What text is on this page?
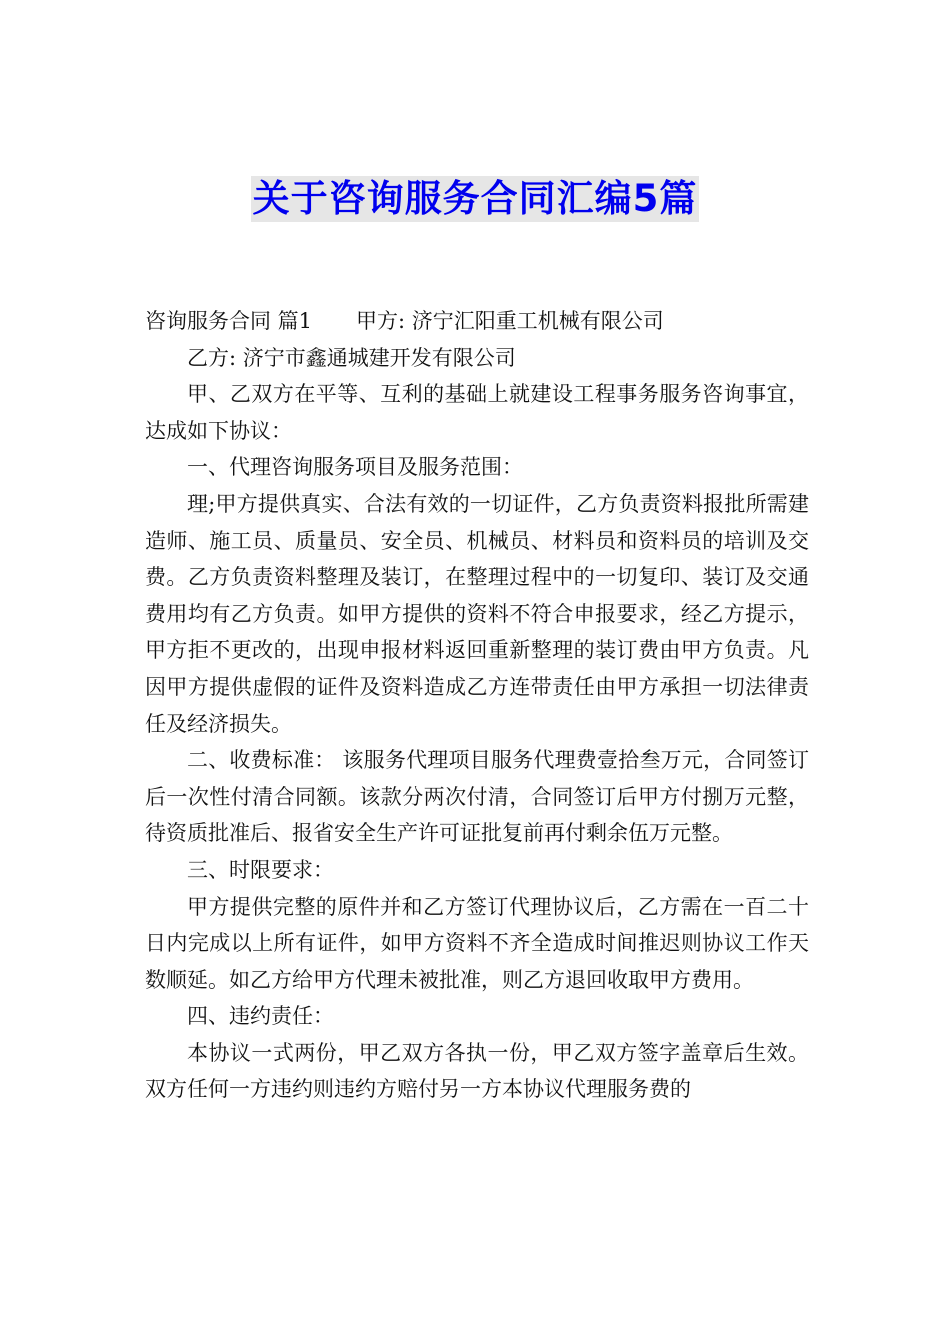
关于咨询服务合同汇编5篇

咨询服务合同 篇1 甲方: 济宁汇阳重工机械有限公司

乙方: 济宁市鑫通城建开发有限公司

甲、乙双方在平等、互利的基础上就建设工程事务服务咨询事宜，达成如下协议：

一、代理咨询服务项目及服务范围：

理;甲方提供真实、合法有效的一切证件，乙方负责资料报批所需建造师、施工员、质量员、安全员、机械员、材料员和资料员的培训及交费。乙方负责资料整理及装订，在整理过程中的一切复印、装订及交通费用均有乙方负责。如甲方提供的资料不符合申报要求，经乙方提示，甲方拒不更改的，出现申报材料返回重新整理的装订费由甲方负责。凡因甲方提供虚假的证件及资料造成乙方连带责任由甲方承担一切法律责任及经济损失。

二、收费标准： 该服务代理项目服务代理费壹拾叁万元，合同签订后一次性付清合同额。该款分两次付清，合同签订后甲方付捌万元整，待资质批准后、报省安全生产许可证批复前再付剩余伍万元整。

三、时限要求：

甲方提供完整的原件并和乙方签订代理协议后，乙方需在一百二十日内完成以上所有证件，如甲方资料不齐全造成时间推迟则协议工作天数顺延。如乙方给甲方代理未被批准，则乙方退回收取甲方费用。

四、违约责任：

本协议一式两份，甲乙双方各执一份，甲乙双方签字盖章后生效。双方任何一方违约则违约方赔付另一方本协议代理服务费的
